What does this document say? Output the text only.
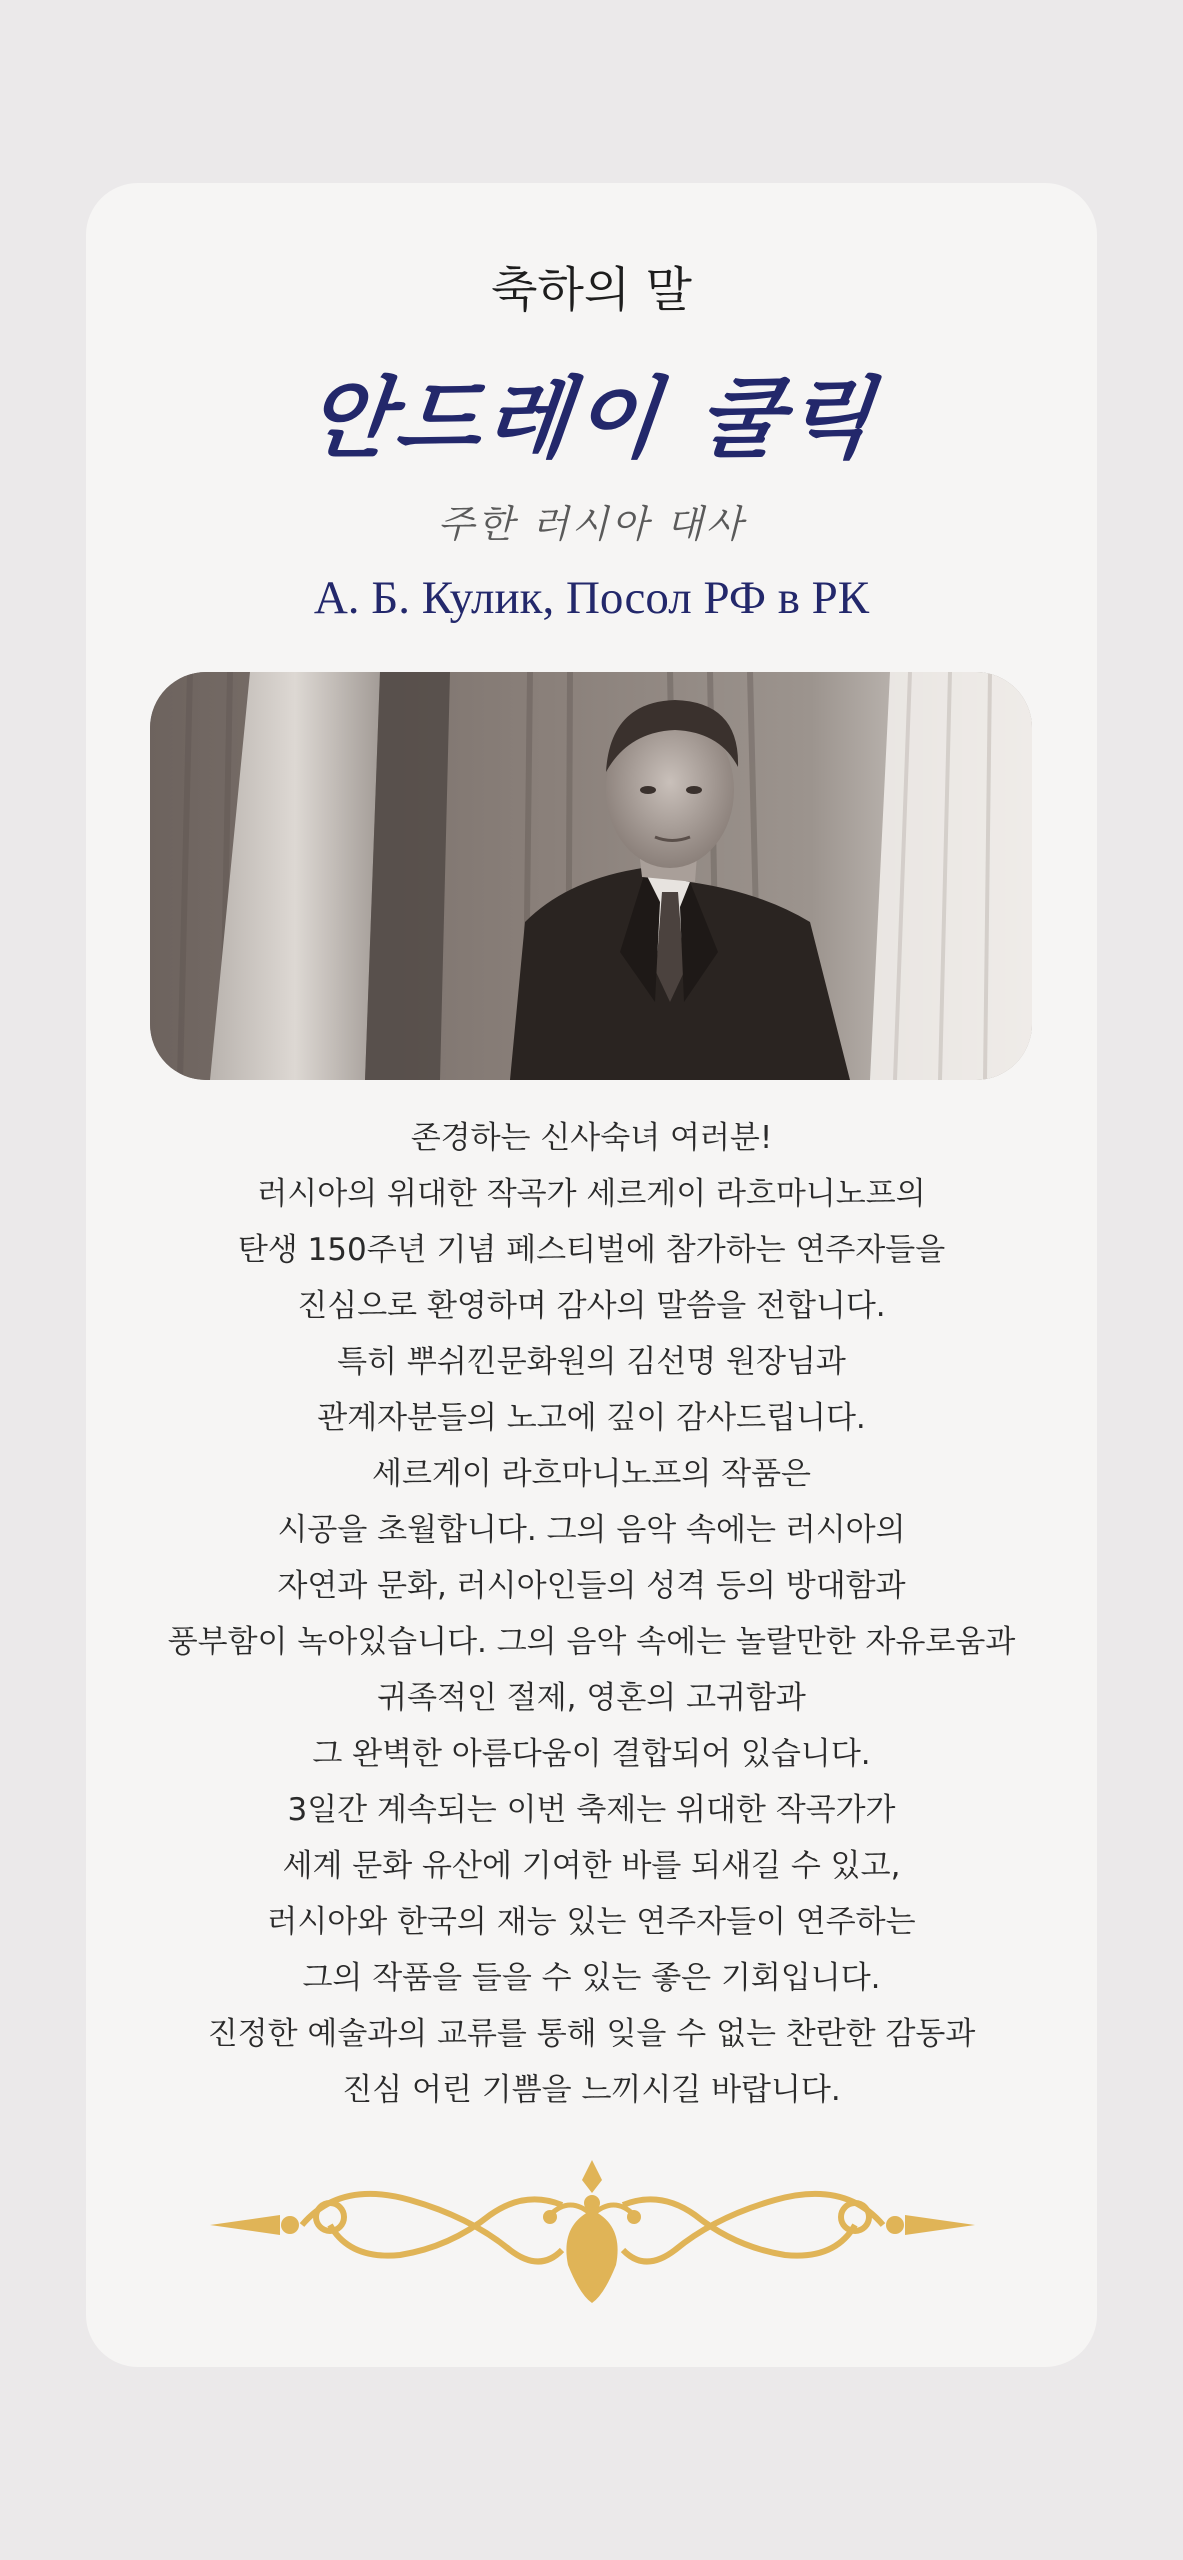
축하의 말
안드레이 쿨릭
주한 러시아 대사
А. Б. Кулик, Посол РФ в РК
존경하는 신사숙녀 여러분!
러시아의 위대한 작곡가 세르게이 라흐마니노프의
탄생 150주년 기념 페스티벌에 참가하는 연주자들을
진심으로 환영하며 감사의 말씀을 전합니다.
특히 뿌쉬낀문화원의 김선명 원장님과
관계자분들의 노고에 깊이 감사드립니다.
세르게이 라흐마니노프의 작품은
시공을 초월합니다. 그의 음악 속에는 러시아의
자연과 문화, 러시아인들의 성격 등의 방대함과
풍부함이 녹아있습니다. 그의 음악 속에는 놀랄만한 자유로움과
귀족적인 절제, 영혼의 고귀함과
그 완벽한 아름다움이 결합되어 있습니다.
3일간 계속되는 이번 축제는 위대한 작곡가가
세계 문화 유산에 기여한 바를 되새길 수 있고,
러시아와 한국의 재능 있는 연주자들이 연주하는
그의 작품을 들을 수 있는 좋은 기회입니다.
진정한 예술과의 교류를 통해 잊을 수 없는 찬란한 감동과
진심 어린 기쁨을 느끼시길 바랍니다.
